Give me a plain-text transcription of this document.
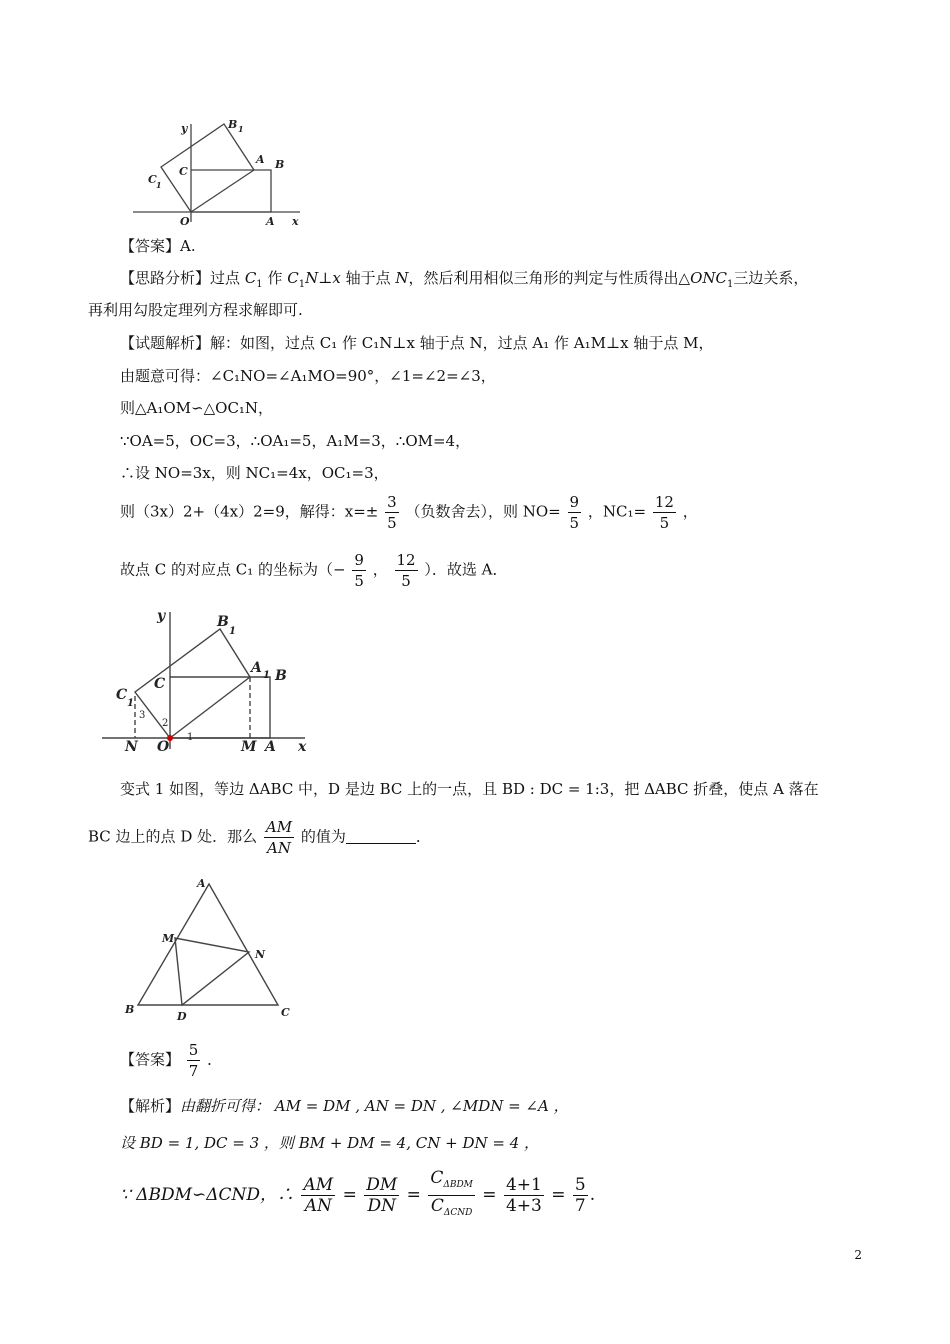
y	B 1
A B
C
C 1
O	A x
【答案】A.
【思路分析】过点 $C_1$ 作 $C_1N\perp x$ 轴于点 N，然后利用相似三角形的判定与性质得出$\triangle ONC_1$三边关系，
再利用勾股定理列方程求解即可.
【试题解析】解：如图，过点 C₁ 作 C₁N⊥x 轴于点 N，过点 A₁ 作 A₁M⊥x 轴于点 M，
由题意可得：∠C₁NO=∠A₁MO=90°，∠1=∠2=∠3，
则△A₁OM∽△OC₁N，
∵OA=5，OC=3，∴OA₁=5，A₁M=3，∴OM=4，
∴设 NO=3x，则 NC₁=4x，OC₁=3，
则（3x）2+（4x）2=9，解得：$x=\pm \frac{3}{5}$ （负数舍去），则 $NO= \frac{9}{5}$ ，$NC_1= \frac{12}{5}$ ，
故点 C 的对应点 C₁ 的坐标为（− $\frac{9}{5}$ ， $\frac{12}{5}$ ）．故选 A．
y	B
1
A 1 B
C
C
1
N O	M A x
3
2
1
变式 1 如图，等边 ΔABC 中，D 是边 BC 上的一点，且 BD : DC = 1:3，把 ΔABC 折叠，使点 A 落在
BC 边上的点 D 处．那么 $\frac{AM}{AN}$ 的值为	．
A
M
N
B
D	C
【答案】 $\frac{5}{7}$ ．
【解析】由翻折可得： AM = DM , AN = DN , ∠MDN = ∠A ，
设 BD = 1, DC = 3 ，则 BM + DM = 4, CN + DN = 4 ，
∵ ΔBDM∽ΔCND，∴ $\frac{AM}{AN} = \frac{DM}{DN} = \frac{C_{\Delta BDM}}{C_{\Delta CND}} = \frac{4+1}{4+3} = \frac{5}{7}$ .
2
